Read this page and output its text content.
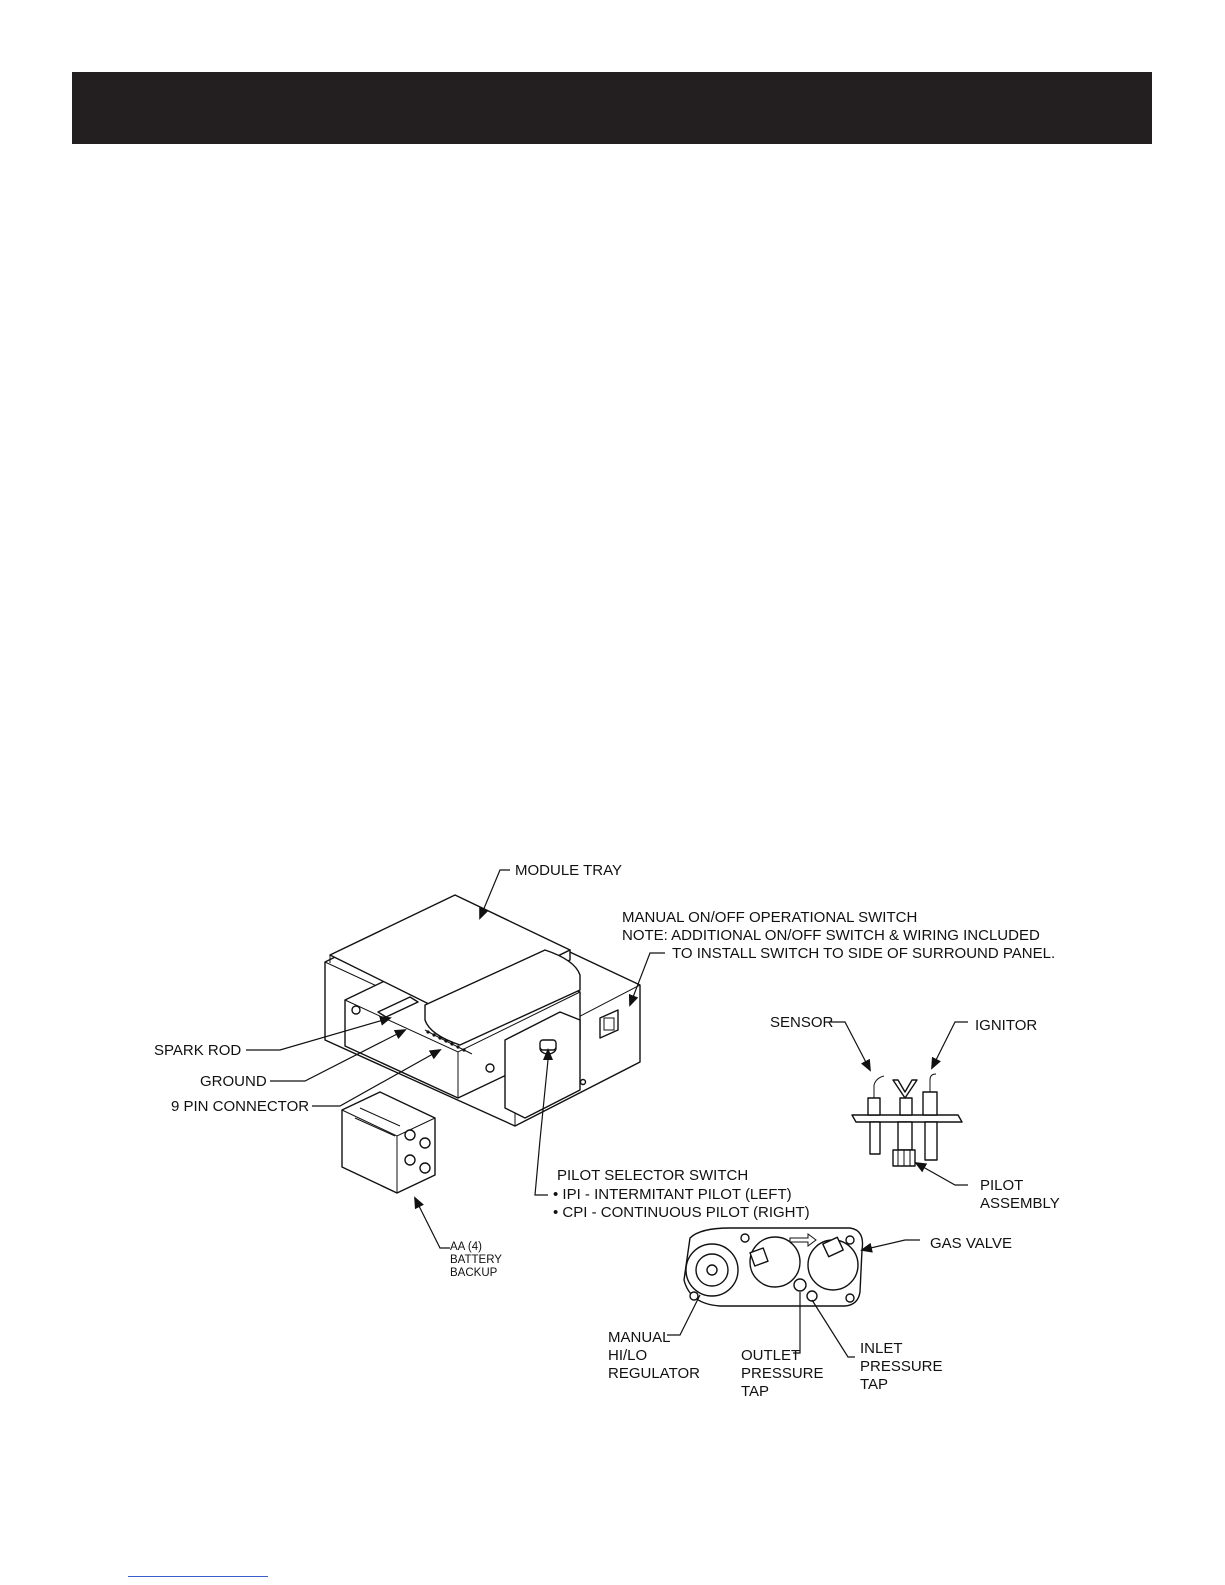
MODULE TRAY
MANUAL ON/OFF OPERATIONAL SWITCH
NOTE: ADDITIONAL ON/OFF SWITCH & WIRING INCLUDED
TO INSTALL SWITCH TO SIDE OF SURROUND PANEL.
SPARK ROD
GROUND
9 PIN CONNECTOR
SENSOR	IGNITOR
PILOT SELECTOR SWITCH
• IPI - INTERMITANT PILOT (LEFT)
• CPI - CONTINUOUS PILOT (RIGHT)
PILOT
ASSEMBLY
AA (4)
BATTERY
BACKUP
GAS VALVE
MANUAL
HI/LO
REGULATOR
OUTLET
PRESSURE
TAP
INLET
PRESSURE
TAP
